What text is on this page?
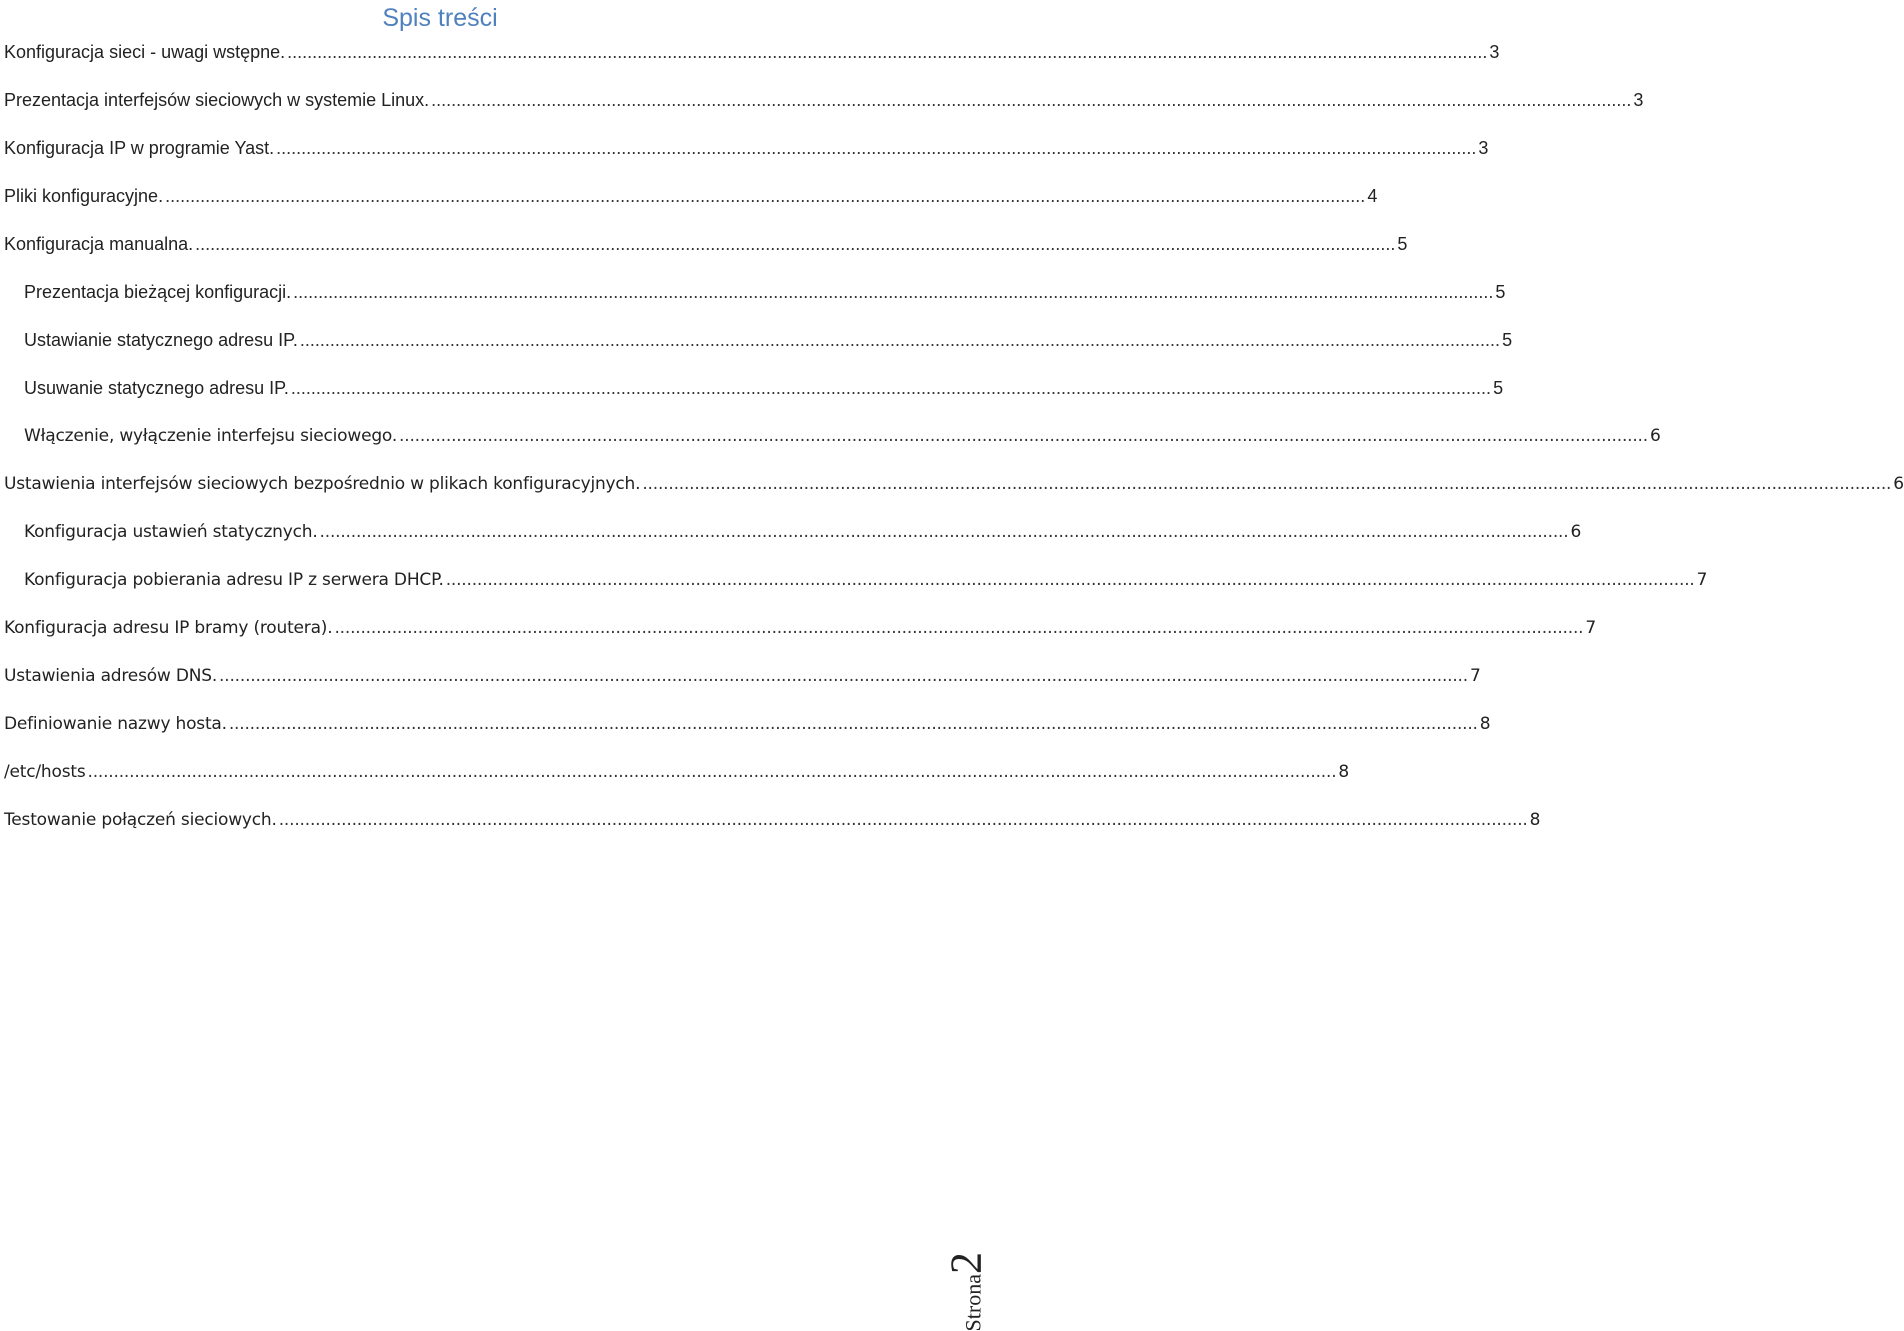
Spis treści
Konfiguracja sieci - uwagi wstępne. .....	3
Prezentacja interfejsów sieciowych w systemie Linux. .....	3
Konfiguracja IP w programie Yast. .....	3
Pliki konfiguracyjne. .....	4
Konfiguracja manualna. .....	5
Prezentacja bieżącej konfiguracji. .....	5
Ustawianie statycznego adresu IP. .....	5
Usuwanie statycznego adresu IP. .....	5
Włączenie, wyłączenie interfejsu sieciowego. .....	6
Ustawienia interfejsów sieciowych bezpośrednio w plikach konfiguracyjnych. .....	6
Konfiguracja ustawień statycznych. .....	6
Konfiguracja pobierania adresu IP z serwera DHCP. .....	7
Konfiguracja adresu IP bramy (routera). .....	7
Ustawienia adresów DNS. .....	7
Definiowanie nazwy hosta. .....	8
/etc/hosts .....	8
Testowanie połączeń sieciowych. .....	8
Strona
2
